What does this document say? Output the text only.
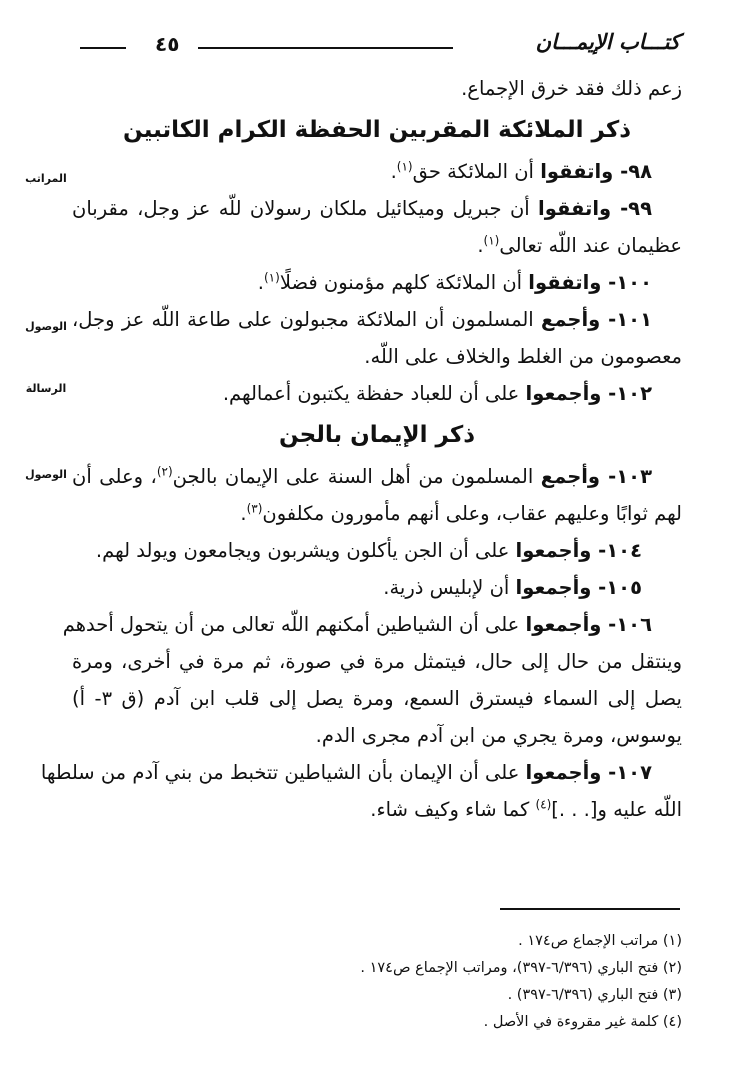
٤٥	كتـــاب الإيمـــان
المراتب
الوصول
الرسالة
الوصول
زعم ذلك فقد خرق الإجماع.
ذكر الملائكة المقربين الحفظة الكرام الكاتبين
٩٨- واتفقوا أن الملائكة حق$^{(١)}$.
٩٩- واتفقوا أن جبريل وميكائيل ملكان رسولان للّه عز وجل، مقربان
عظيمان عند اللّه تعالى$^{(١)}$.
١٠٠- واتفقوا أن الملائكة كلهم مؤمنون فضلًا$^{(١)}$.
١٠١- وأجمع المسلمون أن الملائكة مجبولون على طاعة اللّه عز وجل،
معصومون من الغلط والخلاف على اللّه.
١٠٢- وأجمعوا على أن للعباد حفظة يكتبون أعمالهم.
ذكر الإيمان بالجن
١٠٣- وأجمع المسلمون من أهل السنة على الإيمان بالجن$^{(٢)}$، وعلى أن
لهم ثوابًا وعليهم عقاب، وعلى أنهم مأمورون مكلفون$^{(٣)}$.
١٠٤- وأجمعوا على أن الجن يأكلون ويشربون ويجامعون ويولد لهم.
١٠٥- وأجمعوا أن لإبليس ذرية.
١٠٦- وأجمعوا على أن الشياطين أمكنهم اللّه تعالى من أن يتحول أحدهم
وينتقل من حال إلى حال، فيتمثل مرة في صورة، ثم مرة في أخرى، ومرة
يصل إلى السماء فيسترق السمع، ومرة يصل إلى قلب ابن آدم (ق ٣- أ)
يوسوس، ومرة يجري من ابن آدم مجرى الدم.
١٠٧- وأجمعوا على أن الإيمان بأن الشياطين تتخبط من بني آدم من سلطها
اللّه عليه و[. . .]$^{(٤)}$ كما شاء وكيف شاء.
(١) مراتب الإجماع ص١٧٤ .
(٢) فتح الباري (٦/٣٩٦-٣٩٧)، ومراتب الإجماع ص١٧٤ .
(٣) فتح الباري (٦/٣٩٦-٣٩٧) .
(٤) كلمة غير مقروءة في الأصل .
